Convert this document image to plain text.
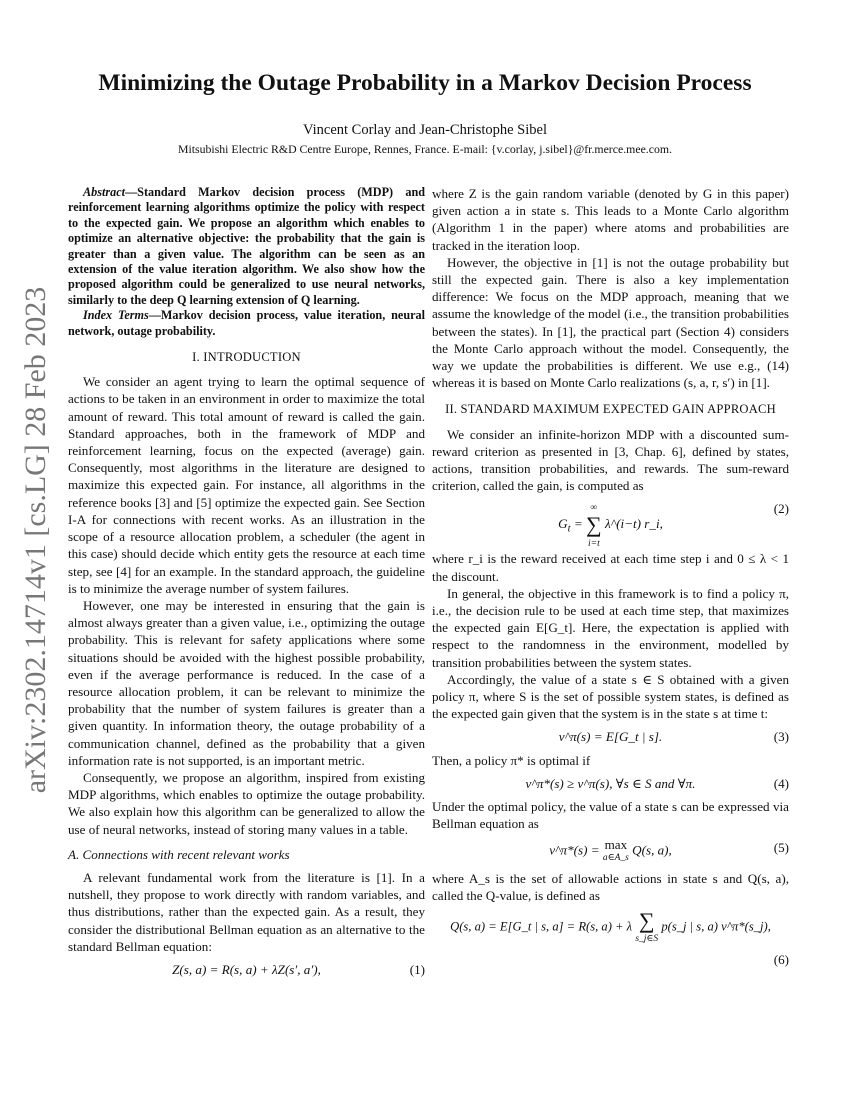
arXiv:2302.14714v1 [cs.LG] 28 Feb 2023
Minimizing the Outage Probability in a Markov Decision Process
Vincent Corlay and Jean-Christophe Sibel
Mitsubishi Electric R&D Centre Europe, Rennes, France. E-mail: {v.corlay, j.sibel}@fr.merce.mee.com.

Abstract—Standard Markov decision process (MDP) and reinforcement learning algorithms optimize the policy with respect to the expected gain. We propose an algorithm which enables to optimize an alternative objective: the probability that the gain is greater than a given value. The algorithm can be seen as an extension of the value iteration algorithm. We also show how the proposed algorithm could be generalized to use neural networks, similarly to the deep Q learning extension of Q learning.

Index Terms—Markov decision process, value iteration, neural network, outage probability.

I. INTRODUCTION

We consider an agent trying to learn the optimal sequence of actions to be taken in an environment in order to maximize the total amount of reward. This total amount of reward is called the gain. Standard approaches, both in the framework of MDP and reinforcement learning, focus on the expected (average) gain. Consequently, most algorithms in the literature are designed to maximize this expected gain. For instance, all algorithms in the reference books [3] and [5] optimize the expected gain. See Section I-A for connections with recent works. As an illustration in the scope of a resource allocation problem, a scheduler (the agent in this case) should decide which entity gets the resource at each time step, see [4] for an example. In the standard approach, the guideline is to minimize the average number of system failures.

However, one may be interested in ensuring that the gain is almost always greater than a given value, i.e., optimizing the outage probability. This is relevant for safety applications where some situations should be avoided with the highest possible probability, even if the average performance is reduced. In the case of a resource allocation problem, it can be relevant to minimize the probability that the number of system failures is greater than a given quantity. In information theory, the outage probability of a communication channel, defined as the probability that a given information rate is not supported, is an important metric.

Consequently, we propose an algorithm, inspired from existing MDP algorithms, which enables to optimize the outage probability. We also explain how this algorithm can be generalized to allow the use of neural networks, instead of storing many values in a table.

A. Connections with recent relevant works

A relevant fundamental work from the literature is [1]. In a nutshell, they propose to work directly with random variables, and thus distributions, rather than the expected gain. As a result, they consider the distributional Bellman equation as an alternative to the standard Bellman equation:

Z(s, a) = R(s, a) + λZ(s′, a′),	(1)

where Z is the gain random variable (denoted by G in this paper) given action a in state s. This leads to a Monte Carlo algorithm (Algorithm 1 in the paper) where atoms and probabilities are tracked in the iteration loop.

However, the objective in [1] is not the outage probability but still the expected gain. There is also a key implementation difference: We focus on the MDP approach, meaning that we assume the knowledge of the model (i.e., the transition probabilities between the states). In [1], the practical part (Section 4) considers the Monte Carlo approach without the model. Consequently, the way we update the probabilities is different. We use e.g., (14) whereas it is based on Monte Carlo realizations (s, a, r, s′) in [1].

II. STANDARD MAXIMUM EXPECTED GAIN APPROACH

We consider an infinite-horizon MDP with a discounted sum-reward criterion as presented in [3, Chap. 6], defined by states, actions, transition probabilities, and rewards. The sum-reward criterion, called the gain, is computed as

$G_t$ = ∞
∑
i=t λ^(i−t) r_i,
(2)

where r_i is the reward received at each time step i and 0 ≤ λ < 1 the discount.

In general, the objective in this framework is to find a policy π, i.e., the decision rule to be used at each time step, that maximizes the expected gain E[G_t]. Here, the expectation is applied with respect to the randomness in the environment, modelled by transition probabilities between the system states.

Accordingly, the value of a state s ∈ S obtained with a given policy π, where S is the set of possible system states, is defined as the expected gain given that the system is in the state s at time t:

v^π(s) = E[G_t | s].	(3)

Then, a policy π* is optimal if

v^π*(s) ≥ v^π(s), ∀s ∈ S and ∀π.	(4)

Under the optimal policy, the value of a state s can be expressed via Bellman equation as

v^π*(s) = max
a∈A_s Q(s, a),	(5)

where A_s is the set of allowable actions in state s and Q(s, a), called the Q-value, is defined as

Q(s, a) = E[G_t | s, a] = R(s, a) + λ ∑
s_j∈S p(s_j | s, a) v^π*(s_j),
(6)
